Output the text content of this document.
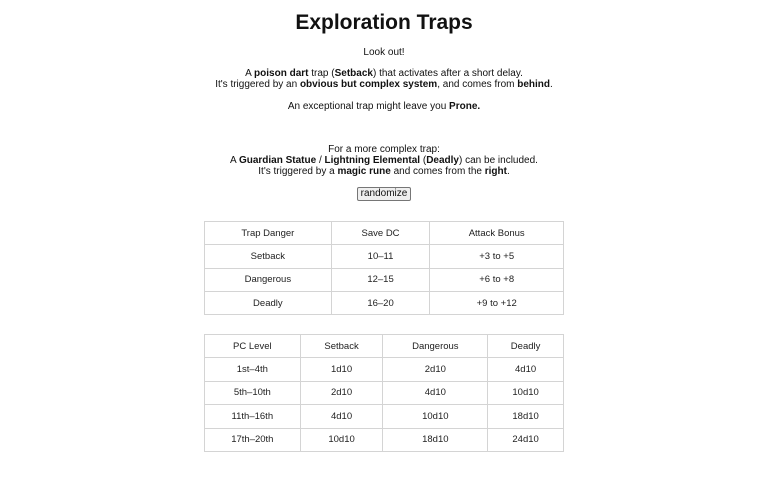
Exploration Traps
Look out!
A poison dart trap (Setback) that activates after a short delay.
It's triggered by an obvious but complex system, and comes from behind.
An exceptional trap might leave you Prone.
For a more complex trap:
A Guardian Statue / Lightning Elemental (Deadly) can be included.
It's triggered by a magic rune and comes from the right.
randomize
Trap Danger	Save DC	Attack Bonus
Setback	10–11	+3 to +5
Dangerous	12–15	+6 to +8
Deadly	16–20	+9 to +12
PC Level	Setback	Dangerous	Deadly
1st–4th	1d10	2d10	4d10
5th–10th	2d10	4d10	10d10
11th–16th	4d10	10d10	18d10
17th–20th	10d10	18d10	24d10
